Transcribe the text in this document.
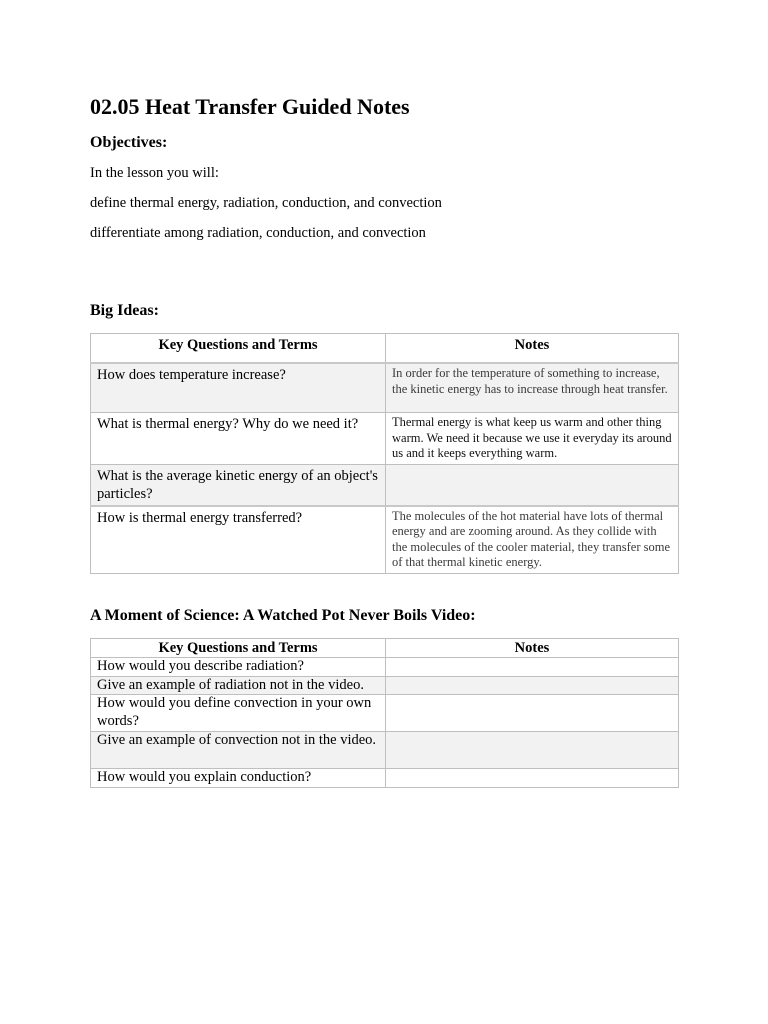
02.05 Heat Transfer Guided Notes
Objectives:
In the lesson you will:
define thermal energy, radiation, conduction, and convection
differentiate among radiation, conduction, and convection
Big Ideas:
Key Questions and Terms	Notes
How does temperature increase?	In order for the temperature of something to increase, the kinetic energy has to increase through heat transfer.
What is thermal energy? Why do we need it?	Thermal energy is what keep us warm and other thing warm. We need it because we use it everyday its around us and it keeps everything warm.
What is the average kinetic energy of an object's particles?	
How is thermal energy transferred?	The molecules of the hot material have lots of thermal energy and are zooming around. As they collide with the molecules of the cooler material, they transfer some of that thermal kinetic energy.
A Moment of Science: A Watched Pot Never Boils Video:
Key Questions and Terms	Notes
How would you describe radiation?	
Give an example of radiation not in the video.	
How would you define convection in your own words?	
Give an example of convection not in the video.	
How would you explain conduction?	
